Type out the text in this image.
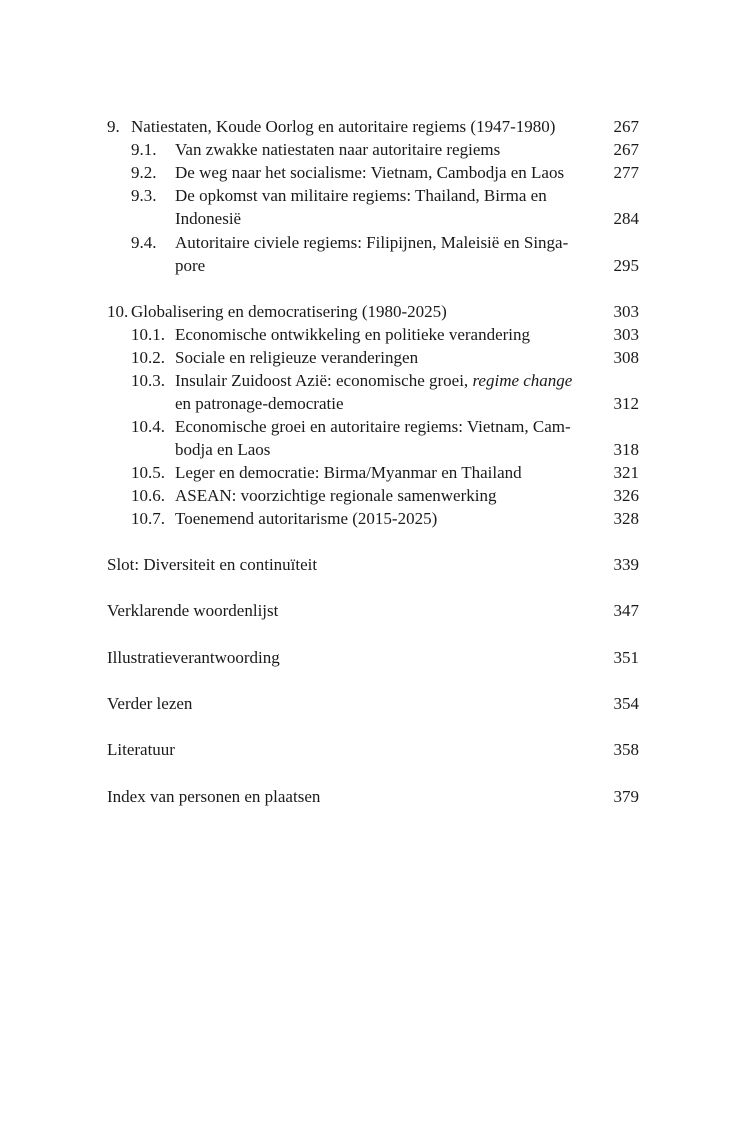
9. Natiestaten, Koude Oorlog en autoritaire regiems (1947-1980)	267
9.1. Van zwakke natiestaten naar autoritaire regiems	267
9.2. De weg naar het socialisme: Vietnam, Cambodja en Laos	277
9.3. De opkomst van militaire regiems: Thailand, Birma en
Indonesië	284
9.4. Autoritaire civiele regiems: Filipijnen, Maleisië en Singa-
pore	295
10. Globalisering en democratisering (1980-2025)	303
10.1. Economische ontwikkeling en politieke verandering	303
10.2. Sociale en religieuze veranderingen	308
10.3. Insulair Zuidoost Azië: economische groei, regime change
en patronage-democratie	312
10.4. Economische groei en autoritaire regiems: Vietnam, Cam-
bodja en Laos	318
10.5. Leger en democratie: Birma/Myanmar en Thailand	321
10.6. ASEAN: voorzichtige regionale samenwerking	326
10.7. Toenemend autoritarisme (2015-2025)	328
Slot: Diversiteit en continuïteit	339
Verklarende woordenlijst	347
Illustratieverantwoording	351
Verder lezen	354
Literatuur	358
Index van personen en plaatsen	379
